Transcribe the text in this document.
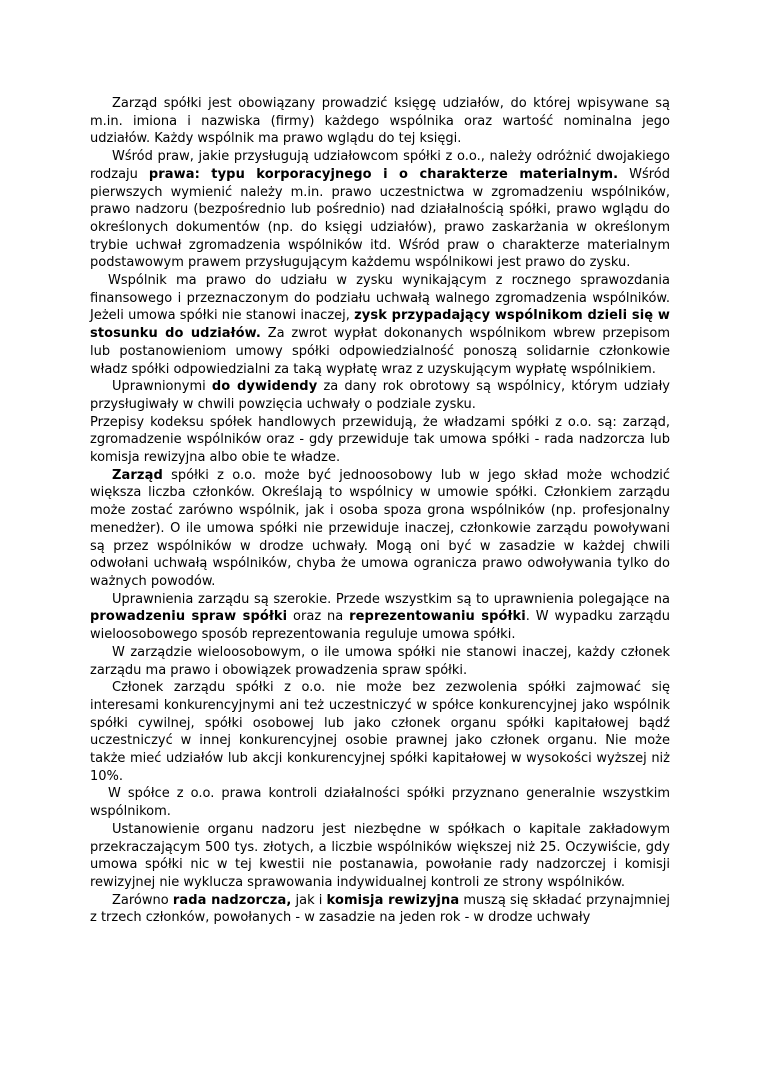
Zarząd spółki jest obowiązany prowadzić księgę udziałów, do której wpisywane są m.in. imiona i nazwiska (firmy) każdego wspólnika oraz wartość nominalna jego udziałów. Każdy wspólnik ma prawo wglądu do tej księgi.

Wśród praw, jakie przysługują udziałowcom spółki z o.o., należy odróżnić dwojakiego rodzaju prawa: typu korporacyjnego i o charakterze materialnym. Wśród pierwszych wymienić należy m.in. prawo uczestnictwa w zgromadzeniu wspólników, prawo nadzoru (bezpośrednio lub pośrednio) nad działalnością spółki, prawo wglądu do określonych dokumentów (np. do księgi udziałów), prawo zaskarżania w określonym trybie uchwał zgromadzenia wspólników itd. Wśród praw o charakterze materialnym podstawowym prawem przysługującym każdemu wspólnikowi jest prawo do zysku.

Wspólnik ma prawo do udziału w zysku wynikającym z rocznego sprawozdania finansowego i przeznaczonym do podziału uchwałą walnego zgromadzenia wspólników. Jeżeli umowa spółki nie stanowi inaczej, zysk przypadający wspólnikom dzieli się w stosunku do udziałów. Za zwrot wypłat dokonanych wspólnikom wbrew przepisom lub postanowieniom umowy spółki odpowiedzialność ponoszą solidarnie członkowie władz spółki odpowiedzialni za taką wypłatę wraz z uzyskującym wypłatę wspólnikiem.

Uprawnionymi do dywidendy za dany rok obrotowy są wspólnicy, którym udziały przysługiwały w chwili powzięcia uchwały o podziale zysku.

Przepisy kodeksu spółek handlowych przewidują, że władzami spółki z o.o. są: zarząd, zgromadzenie wspólników oraz - gdy przewiduje tak umowa spółki - rada nadzorcza lub komisja rewizyjna albo obie te władze.

Zarząd spółki z o.o. może być jednoosobowy lub w jego skład może wchodzić większa liczba członków. Określają to wspólnicy w umowie spółki. Członkiem zarządu może zostać zarówno wspólnik, jak i osoba spoza grona wspólników (np. profesjonalny menedżer). O ile umowa spółki nie przewiduje inaczej, członkowie zarządu powoływani są przez wspólników w drodze uchwały. Mogą oni być w zasadzie w każdej chwili odwołani uchwałą wspólników, chyba że umowa ogranicza prawo odwoływania tylko do ważnych powodów.

Uprawnienia zarządu są szerokie. Przede wszystkim są to uprawnienia polegające na prowadzeniu spraw spółki oraz na reprezentowaniu spółki. W wypadku zarządu wieloosobowego sposób reprezentowania reguluje umowa spółki.

W zarządzie wieloosobowym, o ile umowa spółki nie stanowi inaczej, każdy członek zarządu ma prawo i obowiązek prowadzenia spraw spółki.

Członek zarządu spółki z o.o. nie może bez zezwolenia spółki zajmować się interesami konkurencyjnymi ani też uczestniczyć w spółce konkurencyjnej jako wspólnik spółki cywilnej, spółki osobowej lub jako członek organu spółki kapitałowej bądź uczestniczyć w innej konkurencyjnej osobie prawnej jako członek organu. Nie może także mieć udziałów lub akcji konkurencyjnej spółki kapitałowej w wysokości wyższej niż 10%.

W spółce z o.o. prawa kontroli działalności spółki przyznano generalnie wszystkim wspólnikom.

Ustanowienie organu nadzoru jest niezbędne w spółkach o kapitale zakładowym przekraczającym 500 tys. złotych, a liczbie wspólników większej niż 25. Oczywiście, gdy umowa spółki nic w tej kwestii nie postanawia, powołanie rady nadzorczej i komisji rewizyjnej nie wyklucza sprawowania indywidualnej kontroli ze strony wspólników.

Zarówno rada nadzorcza, jak i komisja rewizyjna muszą się składać przynajmniej z trzech członków, powołanych - w zasadzie na jeden rok - w drodze uchwały
